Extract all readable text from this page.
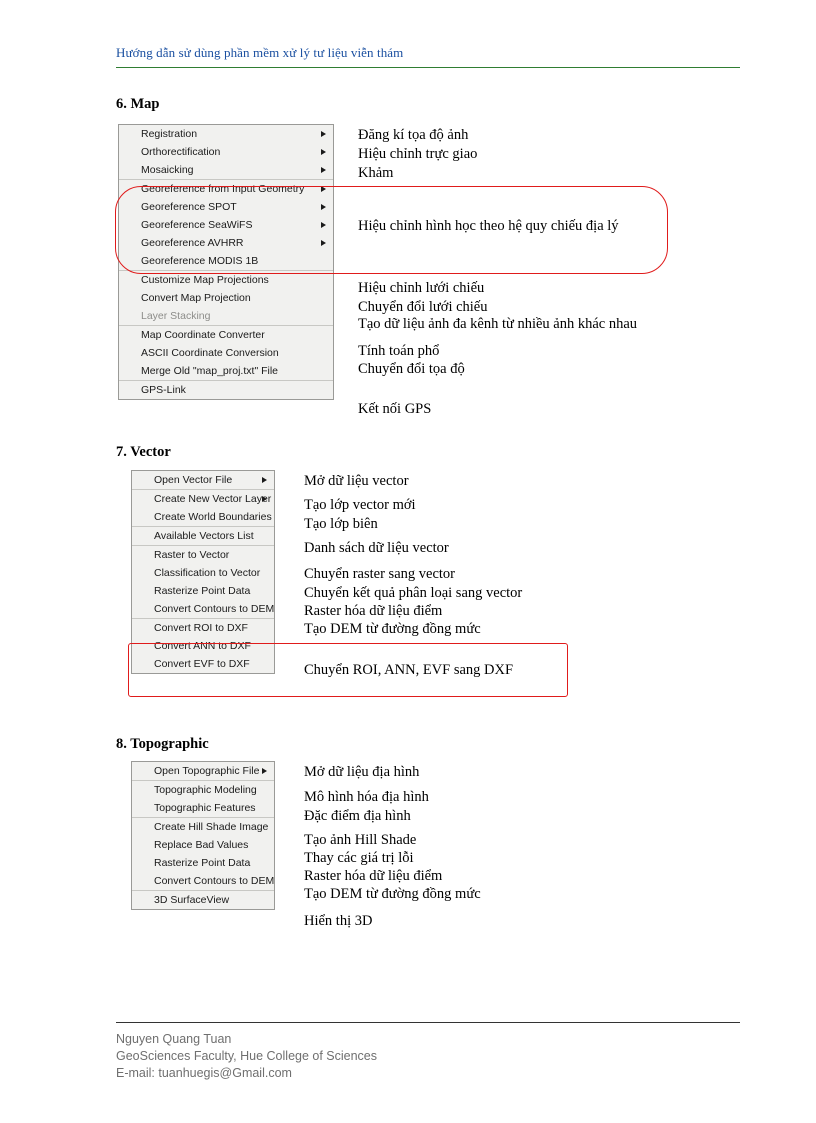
Hướng dẫn sử dùng phần mềm xử lý tư liệu viễn thám
6. Map
Registration
Orthorectification
Mosaicking
Georeference from Input Geometry
Georeference SPOT
Georeference SeaWiFS
Georeference AVHRR
Georeference MODIS 1B
Customize Map Projections
Convert Map Projection
Layer Stacking
Map Coordinate Converter
ASCII Coordinate Conversion
Merge Old "map_proj.txt" File
GPS-Link
Đăng kí tọa độ ảnh
Hiệu chỉnh trực giao
Khảm
Hiệu chỉnh hình học theo hệ quy chiếu địa lý
Hiệu chỉnh lưới chiếu
Chuyển đổi lưới chiếu
Tạo dữ liệu ảnh đa kênh từ nhiều ảnh khác nhau
Tính toán phổ
Chuyển đổi tọa độ
Kết nối GPS
7. Vector
Open Vector File
Create New Vector Layer
Create World Boundaries
Available Vectors List
Raster to Vector
Classification to Vector
Rasterize Point Data
Convert Contours to DEM
Convert ROI to DXF
Convert ANN to DXF
Convert EVF to DXF
Mở dữ liệu vector
Tạo lớp vector mới
Tạo lớp biên
Danh sách dữ liệu vector
Chuyển raster sang vector
Chuyển kết quả phân loại sang vector
Raster hóa dữ liệu điểm
Tạo DEM từ đường đồng mức
Chuyển ROI, ANN, EVF sang DXF
8. Topographic
Open Topographic File
Topographic Modeling
Topographic Features
Create Hill Shade Image
Replace Bad Values
Rasterize Point Data
Convert Contours to DEM
3D SurfaceView
Mở dữ liệu địa hình
Mô hình hóa địa hình
Đặc điểm địa hình
Tạo ảnh Hill Shade
Thay các giá trị lỗi
Raster hóa dữ liệu điểm
Tạo DEM từ đường đồng mức
Hiển thị 3D
Nguyen Quang Tuan
GeoSciences Faculty, Hue College of Sciences
E-mail: tuanhuegis@Gmail.com
